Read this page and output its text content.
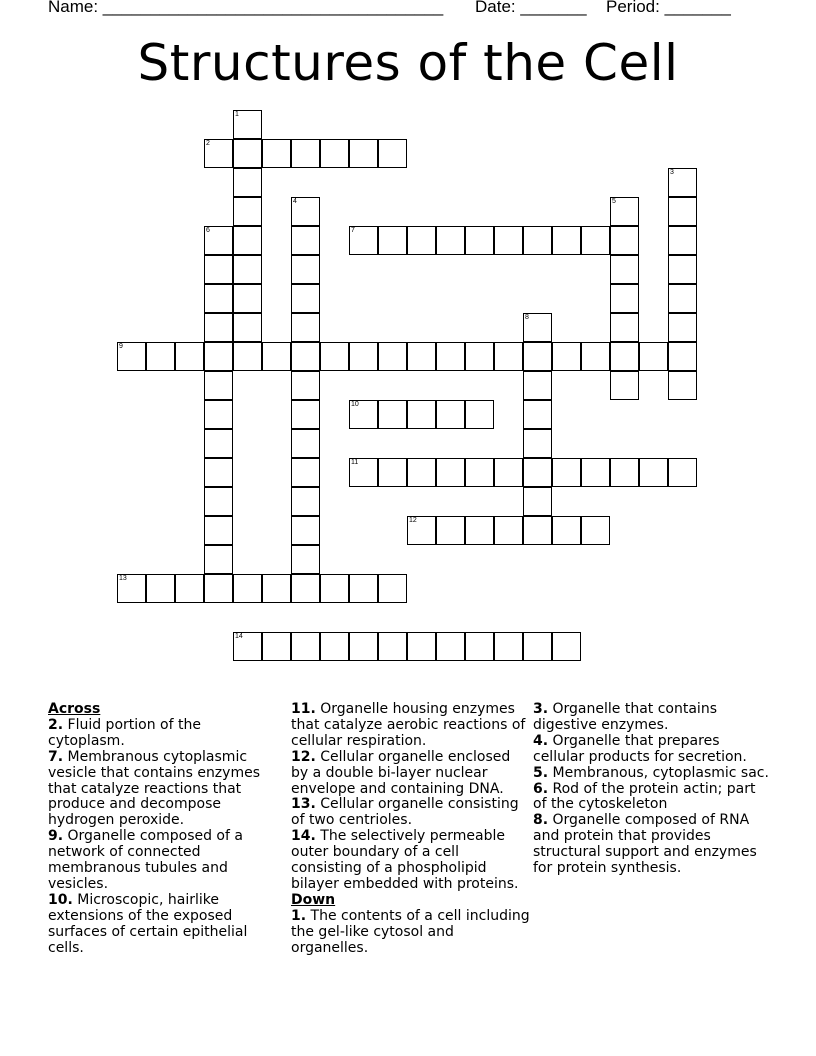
Name: ____________________________________ Date: _______ Period: _______
Structures of the Cell
1
2
3
4	5
6	7
8
9
10
11
12
13
14
Across

2. Fluid portion of the cytoplasm.

7. Membranous cytoplasmic vesicle that contains enzymes that catalyze reactions that produce and decompose hydrogen peroxide.

9. Organelle composed of a network of connected membranous tubules and vesicles.

10. Microscopic, hairlike extensions of the exposed surfaces of certain epithelial cells.

11. Organelle housing enzymes that catalyze aerobic reactions of cellular respiration.

12. Cellular organelle enclosed by a double bi-layer nuclear envelope and containing DNA.

13. Cellular organelle consisting of two centrioles.

14. The selectively permeable outer boundary of a cell consisting of a phospholipid bilayer embedded with proteins.

Down

1. The contents of a cell including the gel-like cytosol and organelles.

3. Organelle that contains digestive enzymes.

4. Organelle that prepares cellular products for secretion.

5. Membranous, cytoplasmic sac.

6. Rod of the protein actin; part of the cytoskeleton

8. Organelle composed of RNA and protein that provides structural support and enzymes for protein synthesis.
